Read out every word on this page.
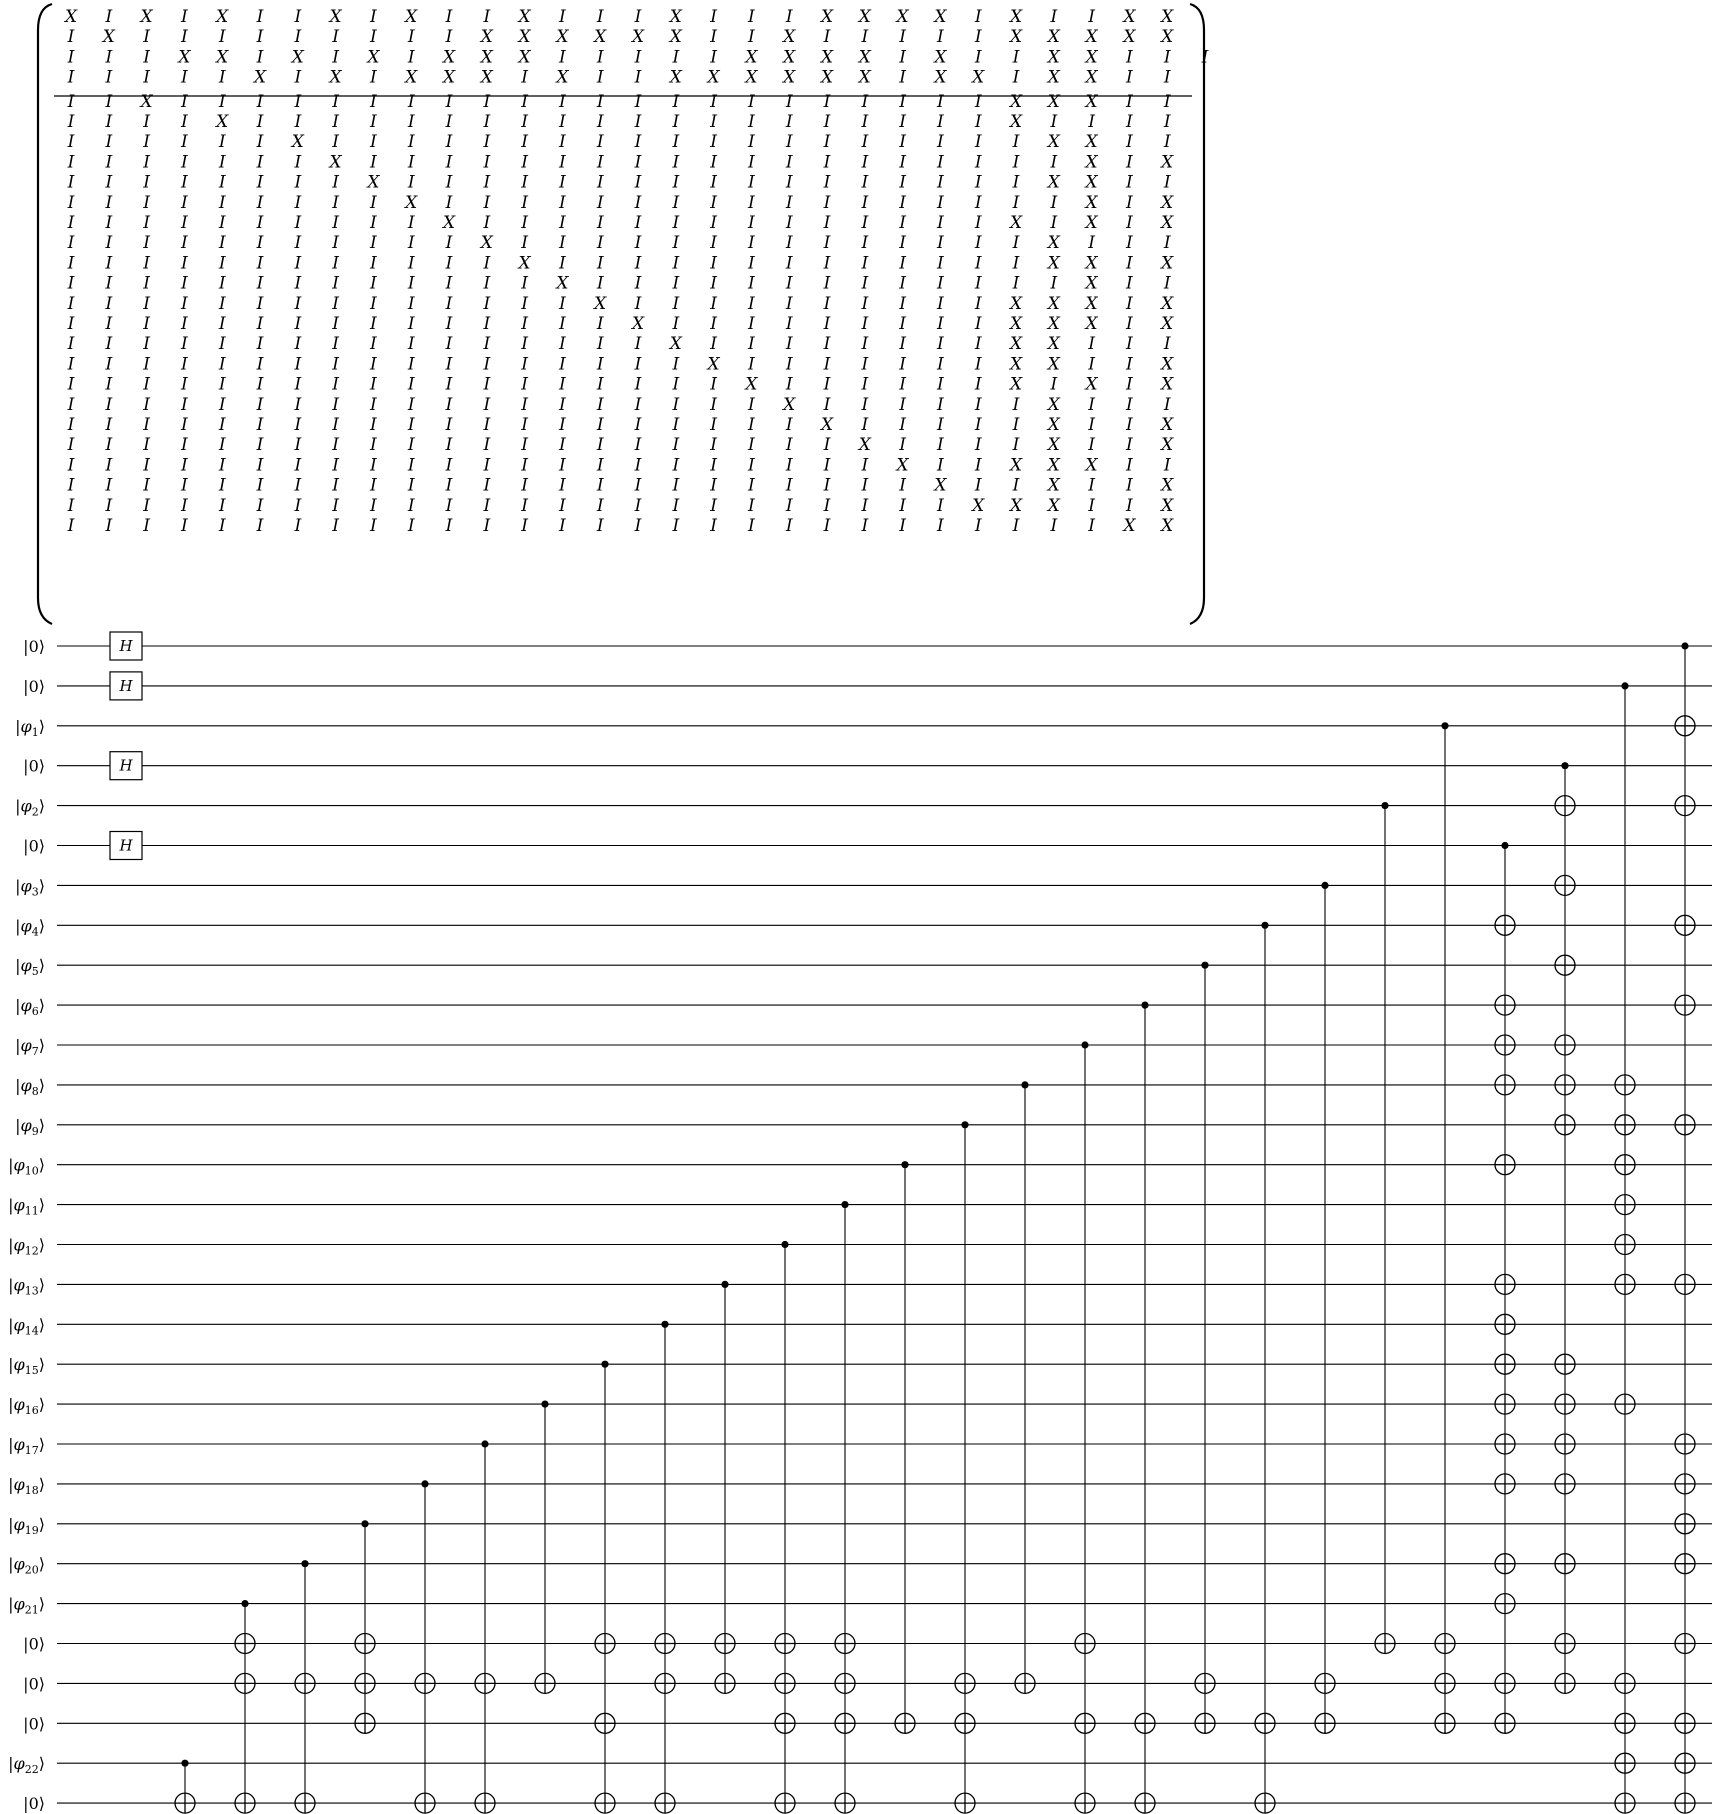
X I X I X I I X I X I I X I I I X I I I X X X X I X I I X X
I X I I I I I I I I I X X X X X X I I X I I I I I X X X X X
I I I X X I X I X I X X X I I I I I X X X X I X I I X X I I I
I I I I I X I X I X X X I X I I X X X X X X I X X I X X I I
I I X I I I I I I I I I I I I I I I I I I I I I I X X X I I
I I I I X I I I I I I I I I I I I I I I I I I I I X I I I I
I I I I I I X I I I I I I I I I I I I I I I I I I I X X I I
I I I I I I I X I I I I I I I I I I I I I I I I I I I X I X
I I I I I I I I X I I I I I I I I I I I I I I I I I X X I I
I I I I I I I I I X I I I I I I I I I I I I I I I I I X I X
I I I I I I I I I I X I I I I I I I I I I I I I I X I X I X
I I I I I I I I I I I X I I I I I I I I I I I I I I X I I I
I I I I I I I I I I I I X I I I I I I I I I I I I I X X I X
I I I I I I I I I I I I I X I I I I I I I I I I I I I X I I
I I I I I I I I I I I I I I X I I I I I I I I I I X X X I X
I I I I I I I I I I I I I I I X I I I I I I I I I X X X I X
I I I I I I I I I I I I I I I I X I I I I I I I I X X I I I
I I I I I I I I I I I I I I I I I X I I I I I I I X X I I X
I I I I I I I I I I I I I I I I I I X I I I I I I X I X I X
I I I I I I I I I I I I I I I I I I I X I I I I I I X I I I
I I I I I I I I I I I I I I I I I I I I X I I I I I X I I X
I I I I I I I I I I I I I I I I I I I I I X I I I I X I I X
I I I I I I I I I I I I I I I I I I I I I I X I I X X X I I
I I I I I I I I I I I I I I I I I I I I I I I X I I X I I X
I I I I I I I I I I I I I I I I I I I I I I I I X X X I I X
I I I I I I I I I I I I I I I I I I I I I I I I I I I I X X
|0⟩
|0⟩
$|\varphi_1⟩$
|0⟩
$|\varphi_2⟩$
|0⟩
$|\varphi_3⟩$
$|\varphi_4⟩$
$|\varphi_5⟩$
$|\varphi_6⟩$
$|\varphi_7⟩$
$|\varphi_8⟩$
$|\varphi_9⟩$
$|\varphi_{10}⟩$
$|\varphi_{11}⟩$
$|\varphi_{12}⟩$
$|\varphi_{13}⟩$
$|\varphi_{14}⟩$
$|\varphi_{15}⟩$
$|\varphi_{16}⟩$
$|\varphi_{17}⟩$
$|\varphi_{18}⟩$
$|\varphi_{19}⟩$
$|\varphi_{20}⟩$
$|\varphi_{21}⟩$
|0⟩
|0⟩
|0⟩
$|\varphi_{22}⟩$
|0⟩
H
H
H
H
